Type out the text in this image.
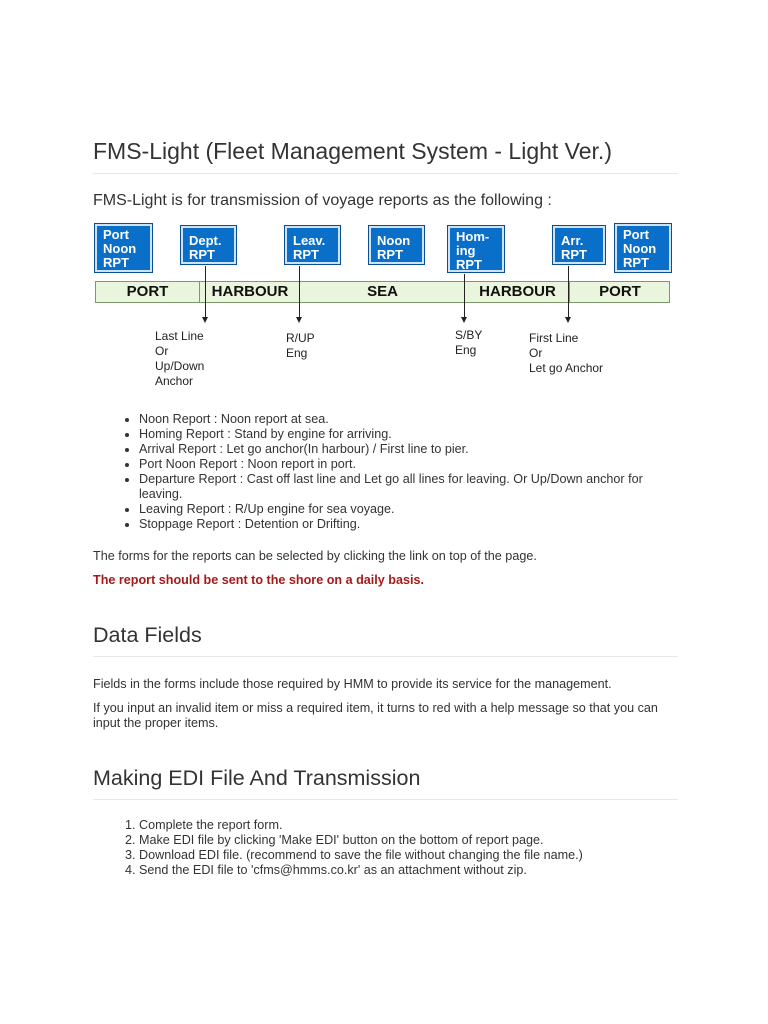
FMS-Light (Fleet Management System - Light Ver.)

FMS-Light is for transmission of voyage reports as the following :

Port
Noon
RPT
Dept.
RPT
Leav.
RPT
Noon
RPT
Hom-
ing
RPT
Arr.
RPT
Port
Noon
RPT
PORT	HARBOUR	SEA	HARBOUR	PORT
Last Line
Or
Up/Down
Anchor
R/UP
Eng
S/BY
Eng
First Line
Or
Let go Anchor
• Noon Report : Noon report at sea.
• Homing Report : Stand by engine for arriving.
• Arrival Report : Let go anchor(In harbour) / First line to pier.
• Port Noon Report : Noon report in port.
• Departure Report : Cast off last line and Let go all lines for leaving. Or Up/Down anchor for leaving.
• Leaving Report : R/Up engine for sea voyage.
• Stoppage Report : Detention or Drifting.

The forms for the reports can be selected by clicking the link on top of the page.

The report should be sent to the shore on a daily basis.

Data Fields

Fields in the forms include those required by HMM to provide its service for the management.

If you input an invalid item or miss a required item, it turns to red with a help message so that you can input the proper items.

Making EDI File And Transmission
1. Complete the report form.
2. Make EDI file by clicking 'Make EDI' button on the bottom of report page.
3. Download EDI file. (recommend to save the file without changing the file name.)
4. Send the EDI file to 'cfms@hmms.co.kr' as an attachment without zip.
